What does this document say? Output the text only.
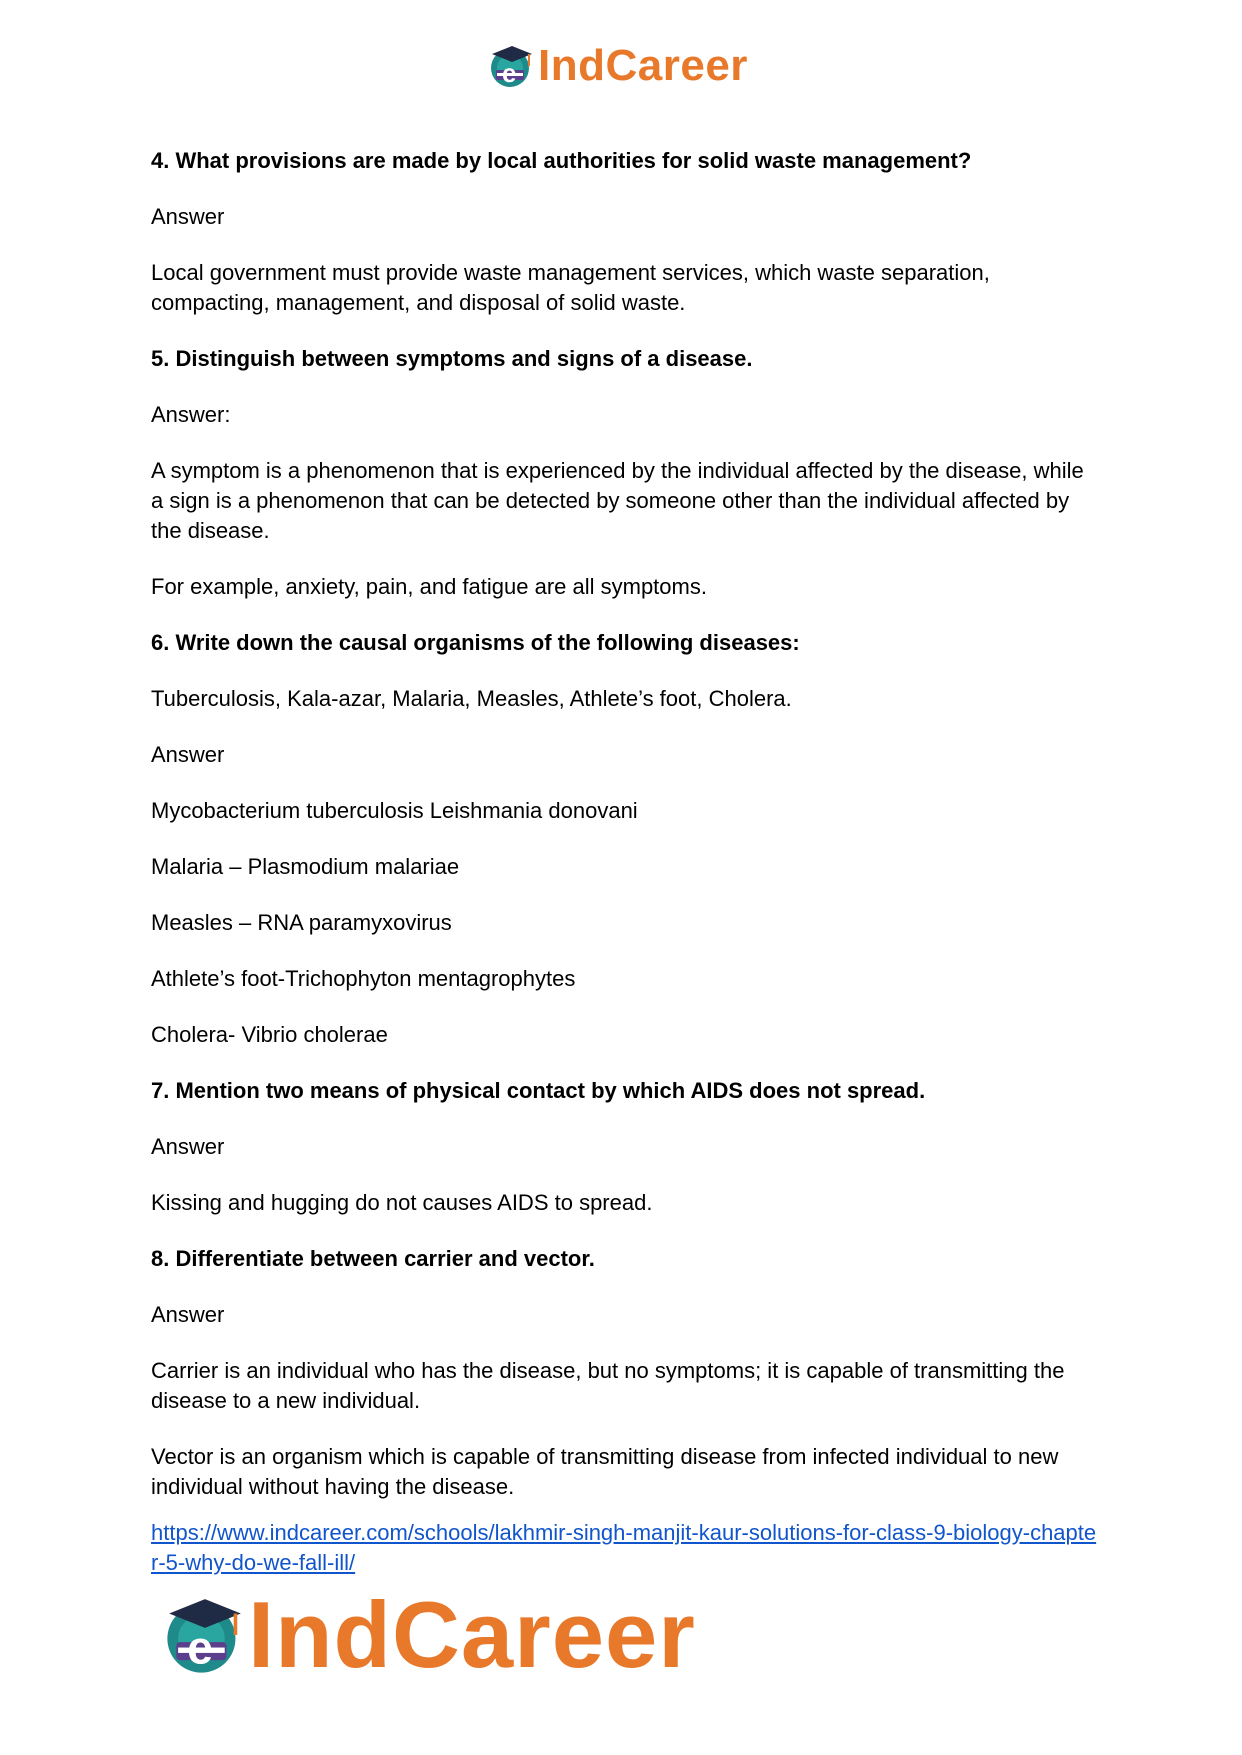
e IndCareer
4. What provisions are made by local authorities for solid waste management?
Answer
Local government must provide waste management services, which waste separation, compacting, management, and disposal of solid waste.
5. Distinguish between symptoms and signs of a disease.
Answer:
A symptom is a phenomenon that is experienced by the individual affected by the disease, while a sign is a phenomenon that can be detected by someone other than the individual affected by the disease.
For example, anxiety, pain, and fatigue are all symptoms.
6. Write down the causal organisms of the following diseases:
Tuberculosis, Kala-azar, Malaria, Measles, Athlete’s foot, Cholera.
Answer
Mycobacterium tuberculosis Leishmania donovani
Malaria – Plasmodium malariae
Measles – RNA paramyxovirus
Athlete’s foot-Trichophyton mentagrophytes
Cholera- Vibrio cholerae
7. Mention two means of physical contact by which AIDS does not spread.
Answer
Kissing and hugging do not causes AIDS to spread.
8. Differentiate between carrier and vector.
Answer
Carrier is an individual who has the disease, but no symptoms; it is capable of transmitting the disease to a new individual.
Vector is an organism which is capable of transmitting disease from infected individual to new individual without having the disease.
https://www.indcareer.com/schools/lakhmir-singh-manjit-kaur-solutions-for-class-9-biology-chapter-5-why-do-we-fall-ill/
e IndCareer
